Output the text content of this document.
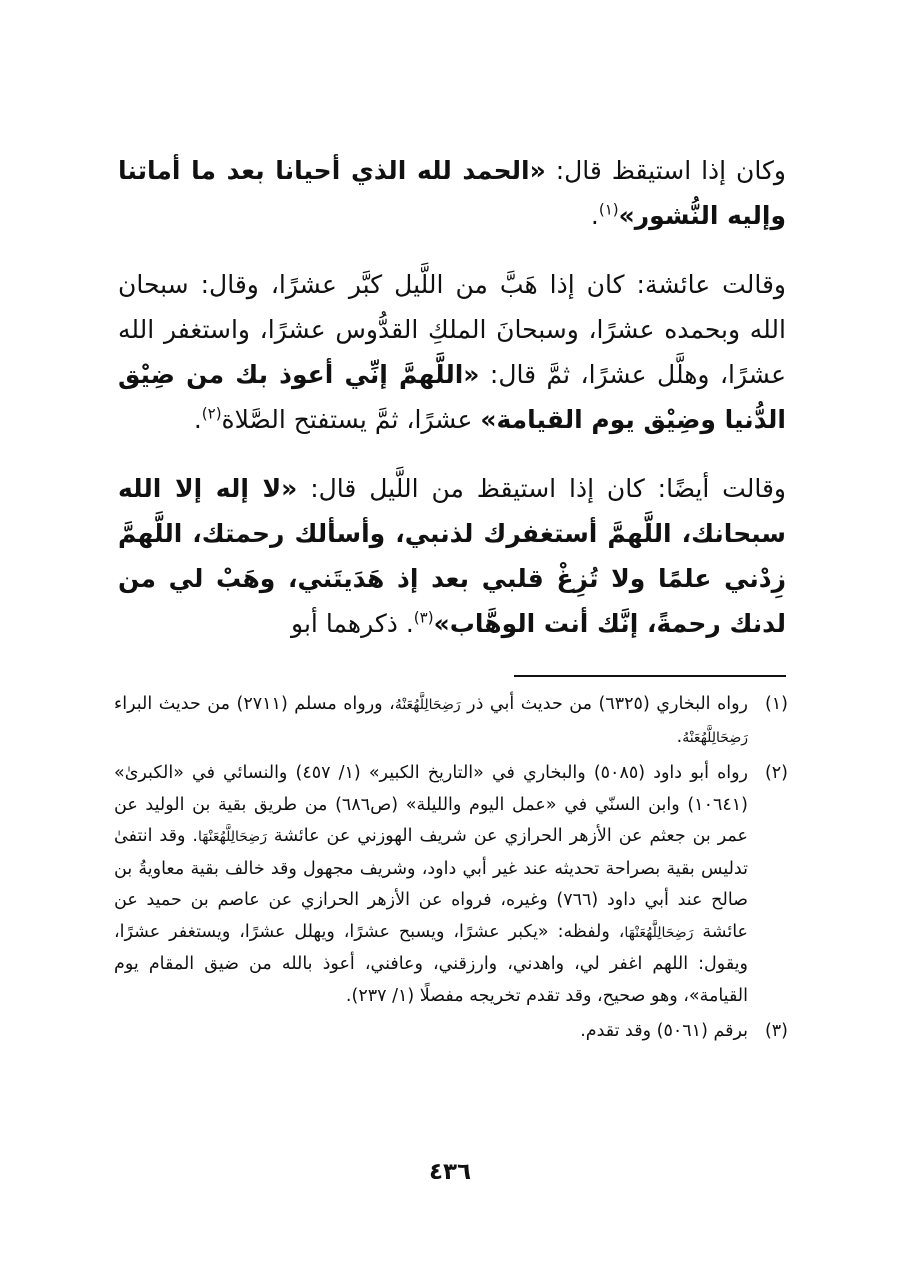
وكان إذا استيقظ قال: «الحمد لله الذي أحيانا بعد ما أماتنا وإليه النُّشور»$^{(١)}$.

وقالت عائشة: كان إذا هَبَّ من اللَّيل كبَّر عشرًا، وقال: سبحان الله وبحمده عشرًا، وسبحانَ الملكِ القدُّوس عشرًا، واستغفر الله عشرًا، وهلَّل عشرًا، ثمَّ قال: «اللَّهمَّ إنِّي أعوذ بك من ضِيْق الدُّنيا وضِيْق يوم القيامة» عشرًا، ثمَّ يستفتح الصَّلاة$^{(٢)}$.

وقالت أيضًا: كان إذا استيقظ من اللَّيل قال: «لا إله إلا الله سبحانك، اللَّهمَّ أستغفرك لذنبي، وأسألك رحمتك، اللَّهمَّ زِدْني علمًا ولا تُزِغْ قلبي بعد إذ هَدَيتَني، وهَبْ لي من لدنك رحمةً، إنَّك أنت الوهَّاب»$^{(٣)}$. ذكرهما أبو

(١)
رواه البخاري (٦٣٢٥) من حديث أبي ذر رَضِحَالِلَّهُعَنْهُ، ورواه مسلم (٢٧١١) من حديث البراء رَضِحَالِلَّهُعَنْهُ.
(٢)
رواه أبو داود (٥٠٨٥) والبخاري في «التاريخ الكبير» (١/ ٤٥٧) والنسائي في «الكبرىٰ» (١٠٦٤١) وابن السنّي في «عمل اليوم والليلة» (ص٦٨٦) من طريق بقية بن الوليد عن عمر بن جعثم عن الأزهر الحرازي عن شريف الهوزني عن عائشة رَضِحَالِلَّهُعَنْهَا. وقد انتفىٰ تدليس بقية بصراحة تحديثه عند غير أبي داود، وشريف مجهول وقد خالف بقية معاويةُ بن صالح عند أبي داود (٧٦٦) وغيره، فرواه عن الأزهر الحرازي عن عاصم بن حميد عن عائشة رَضِحَالِلَّهُعَنْهَا، ولفظه: «يكبر عشرًا، ويسبح عشرًا، ويهلل عشرًا، ويستغفر عشرًا، ويقول: اللهم اغفر لي، واهدني، وارزقني، وعافني، أعوذ بالله من ضيق المقام يوم القيامة»، وهو صحيح، وقد تقدم تخريجه مفصلًا (١/ ٢٣٧).
(٣)
برقم (٥٠٦١) وقد تقدم.
٤٣٦
